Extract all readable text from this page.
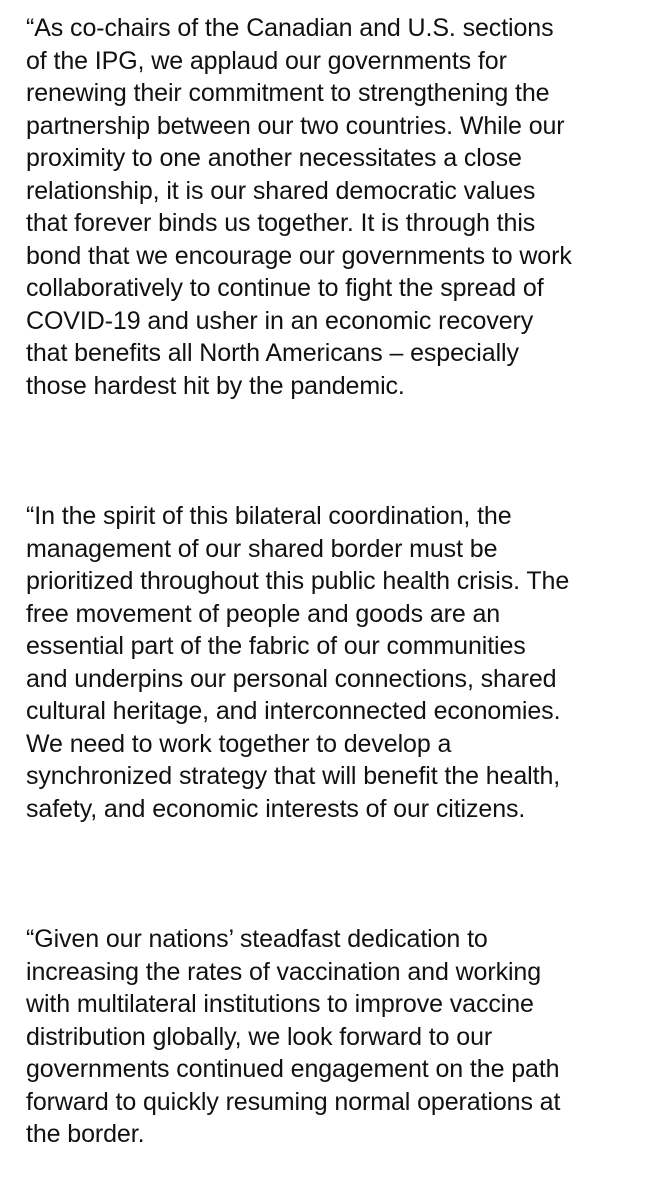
“As co-chairs of the Canadian and U.S. sections
of the IPG, we applaud our governments for
renewing their commitment to strengthening the
partnership between our two countries. While our
proximity to one another necessitates a close
relationship, it is our shared democratic values
that forever binds us together. It is through this
bond that we encourage our governments to work
collaboratively to continue to fight the spread of
COVID-19 and usher in an economic recovery
that benefits all North Americans – especially
those hardest hit by the pandemic.

“In the spirit of this bilateral coordination, the
management of our shared border must be
prioritized throughout this public health crisis. The
free movement of people and goods are an
essential part of the fabric of our communities
and underpins our personal connections, shared
cultural heritage, and interconnected economies.
We need to work together to develop a
synchronized strategy that will benefit the health,
safety, and economic interests of our citizens.

“Given our nations’ steadfast dedication to
increasing the rates of vaccination and working
with multilateral institutions to improve vaccine
distribution globally, we look forward to our
governments continued engagement on the path
forward to quickly resuming normal operations at
the border.
